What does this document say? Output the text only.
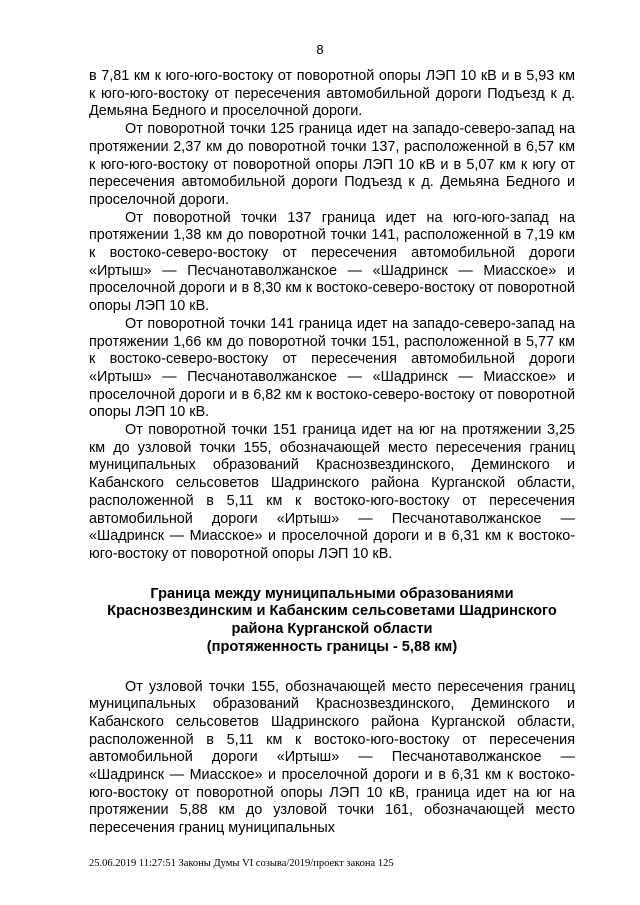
8

в 7,81 км к юго-юго-востоку от поворотной опоры ЛЭП 10 кВ и в 5,93 км к юго-юго-востоку от пересечения автомобильной дороги Подъезд к д. Демьяна Бедного и проселочной дороги.

От поворотной точки 125 граница идет на западо-северо-запад на протяжении 2,37 км до поворотной точки 137, расположенной в 6,57 км к юго-юго-востоку от поворотной опоры ЛЭП 10 кВ и в 5,07 км к югу от пересечения автомобильной дороги Подъезд к д. Демьяна Бедного и проселочной дороги.

От поворотной точки 137 граница идет на юго-юго-запад на протяжении 1,38 км до поворотной точки 141, расположенной в 7,19 км к востоко-северо-востоку от пересечения автомобильной дороги «Иртыш» — Песчанотаволжанское — «Шадринск — Миасское» и проселочной дороги и в 8,30 км к востоко-северо-востоку от поворотной опоры ЛЭП 10 кВ.

От поворотной точки 141 граница идет на западо-северо-запад на протяжении 1,66 км до поворотной точки 151, расположенной в 5,77 км к востоко-северо-востоку от пересечения автомобильной дороги «Иртыш» — Песчанотаволжанское — «Шадринск — Миасское» и проселочной дороги и в 6,82 км к востоко-северо-востоку от поворотной опоры ЛЭП 10 кВ.

От поворотной точки 151 граница идет на юг на протяжении 3,25 км до узловой точки 155, обозначающей место пересечения границ муниципальных образований Краснозвездинского, Деминского и Кабанского сельсоветов Шадринского района Курганской области, расположенной в 5,11 км к востоко-юго-востоку от пересечения автомобильной дороги «Иртыш» — Песчанотаволжанское — «Шадринск — Миасское» и проселочной дороги и в 6,31 км к востоко-юго-востоку от поворотной опоры ЛЭП 10 кВ.

Граница между муниципальными образованиями
Краснозвездинским и Кабанским сельсоветами Шадринского
района Курганской области
(протяженность границы - 5,88 км)

От узловой точки 155, обозначающей место пересечения границ муниципальных образований Краснозвездинского, Деминского и Кабанского сельсоветов Шадринского района Курганской области, расположенной в 5,11 км к востоко-юго-востоку от пересечения автомобильной дороги «Иртыш» — Песчанотаволжанское — «Шадринск — Миасское» и проселочной дороги и в 6,31 км к востоко-юго-востоку от поворотной опоры ЛЭП 10 кВ, граница идет на юг на протяжении 5,88 км до узловой точки 161, обозначающей место пересечения границ муниципальных

25.06.2019 11:27:51 Законы Думы VI созыва/2019/проект закона 125
